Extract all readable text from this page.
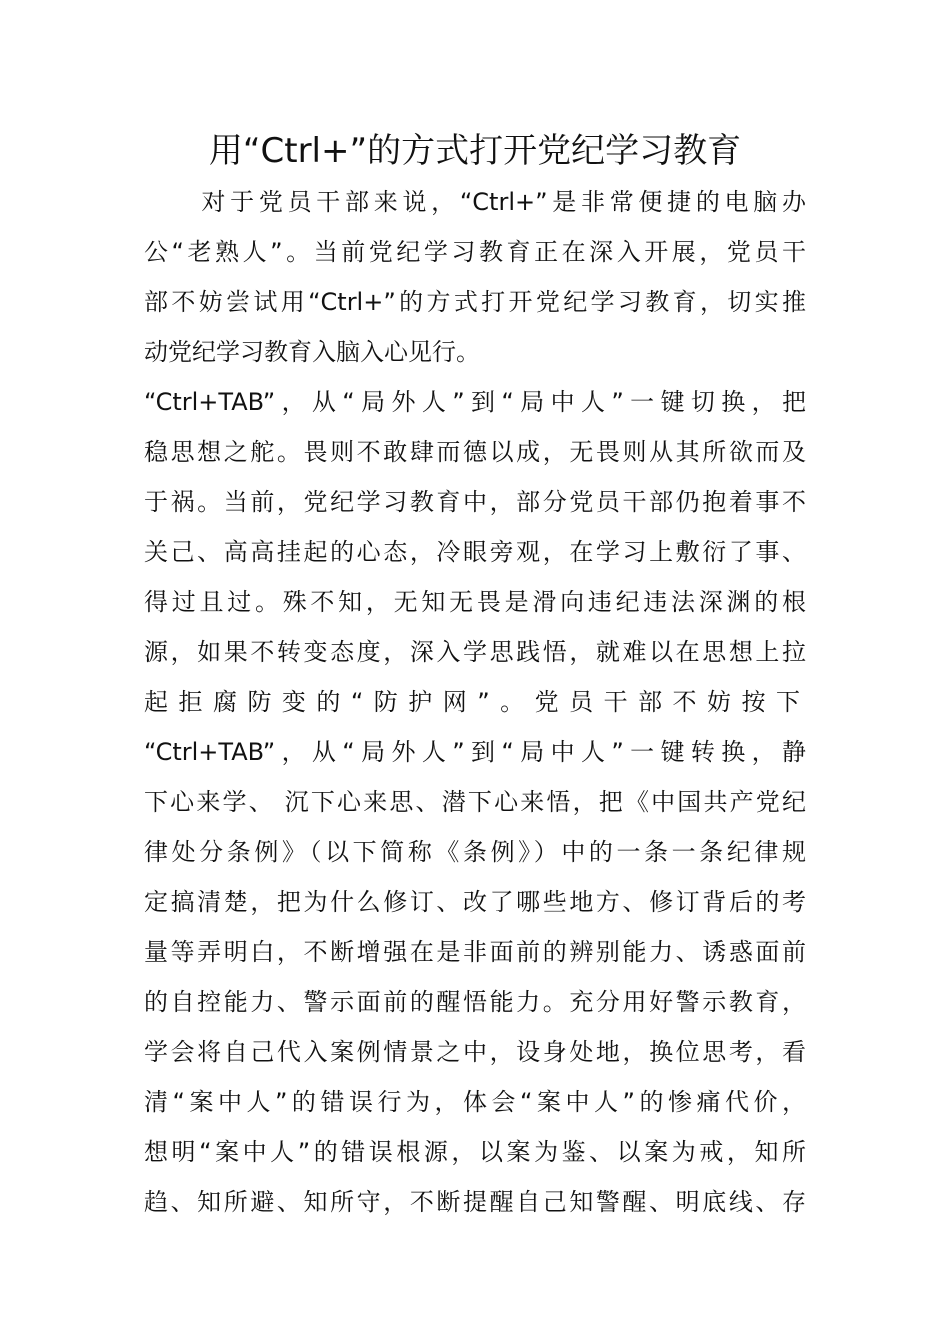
用“Ctrl+”的方式打开党纪学习教育
　　对于党员干部来说，“Ctrl+”是非常便捷的电脑办
公“老熟人”。当前党纪学习教育正在深入开展，党员干
部不妨尝试用“Ctrl+”的方式打开党纪学习教育，切实推
动党纪学习教育入脑入心见行。
“Ctrl+TAB”，从“局外人”到“局中人”一键切换，把
稳思想之舵。畏则不敢肆而德以成，无畏则从其所欲而及
于祸。当前，党纪学习教育中，部分党员干部仍抱着事不
关己、高高挂起的心态，冷眼旁观，在学习上敷衍了事、
得过且过。殊不知，无知无畏是滑向违纪违法深渊的根
源，如果不转变态度，深入学思践悟，就难以在思想上拉
起拒腐防变的“防护网”。党员干部不妨按下
“Ctrl+TAB”，从“局外人”到“局中人”一键转换，静
下心来学、 沉下心来思、潜下心来悟，把《中国共产党纪
律处分条例》（以下简称《条例》）中的一条一条纪律规
定搞清楚，把为什么修订、改了哪些地方、修订背后的考
量等弄明白，不断增强在是非面前的辨别能力、诱惑面前
的自控能力、警示面前的醒悟能力。充分用好警示教育，
学会将自己代入案例情景之中，设身处地，换位思考，看
清“案中人”的错误行为，体会“案中人”的惨痛代价，
想明“案中人”的错误根源，以案为鉴、以案为戒，知所
趋、知所避、知所守，不断提醒自己知警醒、明底线、存
